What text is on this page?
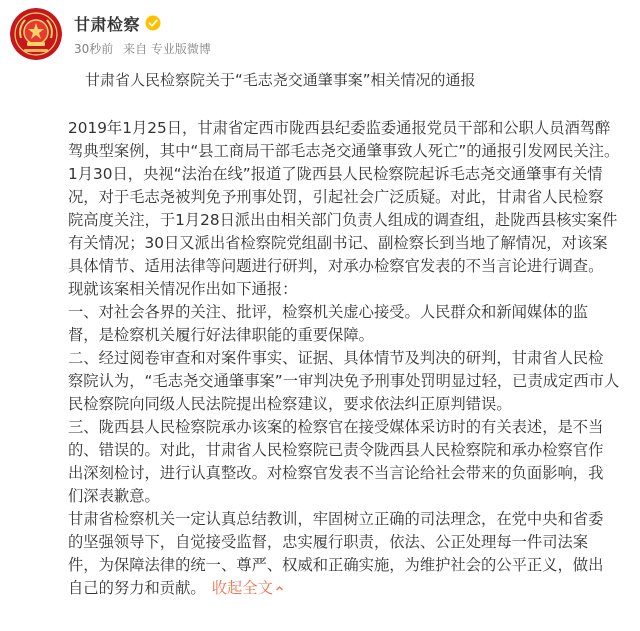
甘肃检察
30秒前 来自 专业版微博
甘肃省人民检察院关于“毛志尧交通肇事案”相关情况的通报
2019年1月25日，甘肃省定西市陇西县纪委监委通报党员干部和公职人员酒驾醉
驾典型案例，其中“县工商局干部毛志尧交通肇事致人死亡”的通报引发网民关注。
1月30日，央视“法治在线”报道了陇西县人民检察院起诉毛志尧交通肇事有关情
况，对于毛志尧被判免予刑事处罚，引起社会广泛质疑。对此，甘肃省人民检察
院高度关注，于1月28日派出由相关部门负责人组成的调查组，赴陇西县核实案件
有关情况；30日又派出省检察院党组副书记、副检察长到当地了解情况，对该案
具体情节、适用法律等问题进行研判，对承办检察官发表的不当言论进行调查。
现就该案相关情况作出如下通报：
一、对社会各界的关注、批评，检察机关虚心接受。人民群众和新闻媒体的监
督，是检察机关履行好法律职能的重要保障。
二、经过阅卷审查和对案件事实、证据、具体情节及判决的研判，甘肃省人民检
察院认为，“毛志尧交通肇事案”一审判决免予刑事处罚明显过轻，已责成定西市人
民检察院向同级人民法院提出检察建议，要求依法纠正原判错误。
三、陇西县人民检察院承办该案的检察官在接受媒体采访时的有关表述，是不当
的、错误的。对此，甘肃省人民检察院已责令陇西县人民检察院和承办检察官作
出深刻检讨，进行认真整改。对检察官发表不当言论给社会带来的负面影响，我
们深表歉意。
甘肃省检察机关一定认真总结教训，牢固树立正确的司法理念，在党中央和省委
的坚强领导下，自觉接受监督，忠实履行职责，依法、公正处理每一件司法案
件，为保障法律的统一、尊严、权威和正确实施，为维护社会的公平正义，做出
自己的努力和贡献。 收起全文
